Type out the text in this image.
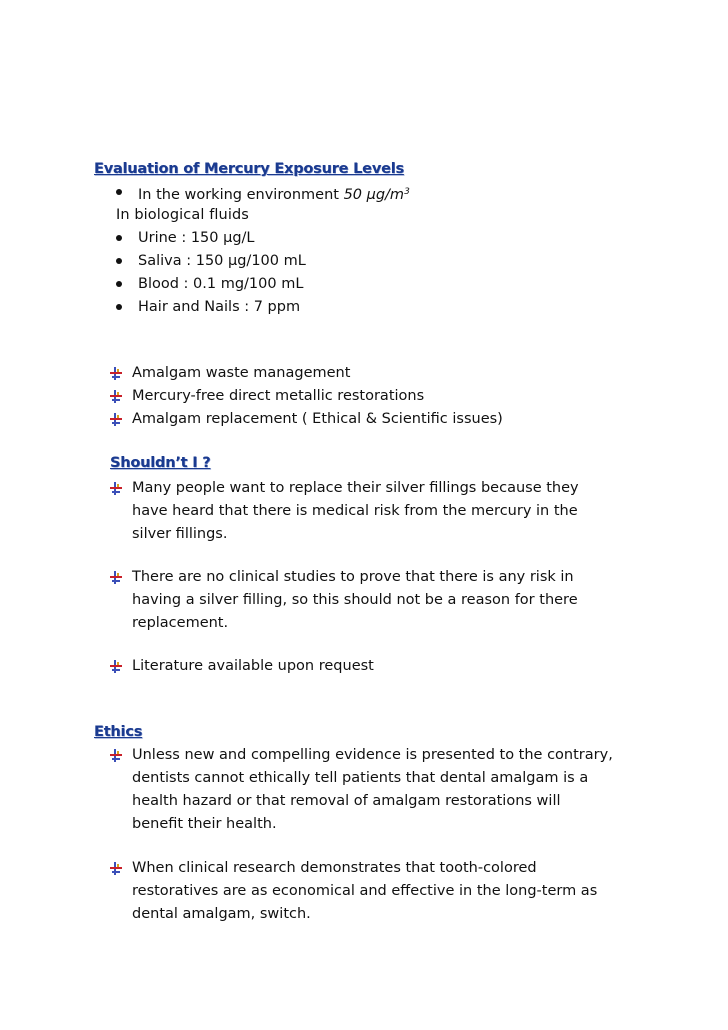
Evaluation of Mercury Exposure Levels
In the working environment 50 $\mu g/m^3$
In biological fluids
Urine : 150 µg/L
Saliva : 150 µg/100 mL
Blood : 0.1 mg/100 mL
Hair and Nails : 7 ppm
Amalgam waste management
Mercury-free direct metallic restorations
Amalgam replacement ( Ethical & Scientific issues)
Shouldn’t I ?
Many people want to replace their silver fillings because they
have heard that there is medical risk from the mercury in the
silver fillings.
There are no clinical studies to prove that there is any risk in
having a silver filling, so this should not be a reason for there
replacement.
Literature available upon request
Ethics
Unless new and compelling evidence is presented to the contrary,
dentists cannot ethically tell patients that dental amalgam is a
health hazard or that removal of amalgam restorations will
benefit their health.
When clinical research demonstrates that tooth-colored
restoratives are as economical and effective in the long-term as
dental amalgam, switch.
